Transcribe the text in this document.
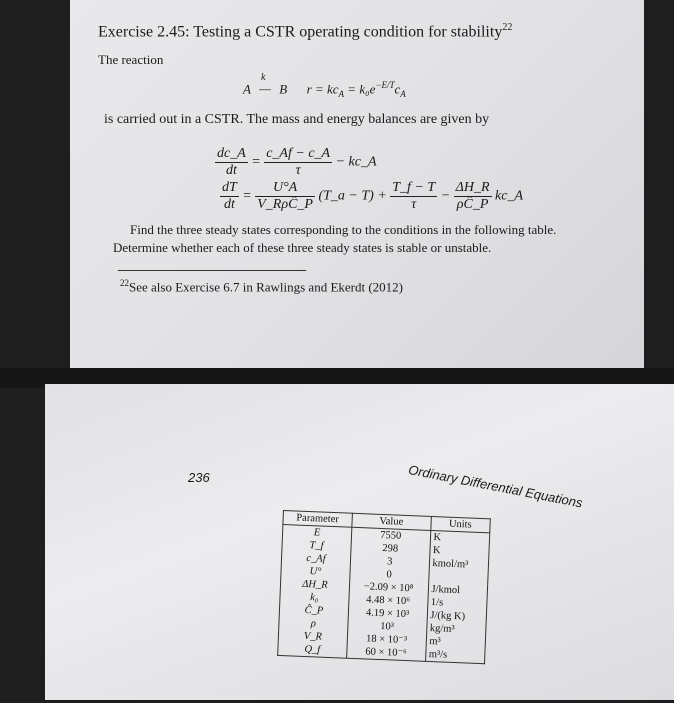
Exercise 2.45: Testing a CSTR operating condition for stability$^{22}$
The reaction
A
k
— B $r = kc_A = k_0e^{-E/T}c_A$
is carried out in a CSTR. The mass and energy balances are given by
$\frac{dc\_A}{dt} = \frac{c\_Af - c\_A}{\tau}$ − kc_A
$\frac{dT}{dt} = \frac{U^\circ A}{\text{V\_RρĈ\_P}}$ (T_a − $T) + \frac{T\_f - T}{\tau} - \frac{\Delta H\_R}{\rho Ĉ\_P}$ kc_A
Find the three steady states corresponding to the conditions in the following table.
Determine whether each of these three steady states is stable or unstable.
$^{22}$See also Exercise 6.7 in Rawlings and Ekerdt (2012)
236	Ordinary Differential Equations
Parameter	Value	Units
E	7550	K
T_f	298	K
c_Af	3	kmol/m³
U°	0	
ΔH_R	−2.09 × 10⁸	J/kmol
k₀	4.48 × 10⁶	1/s
Ĉ_P	4.19 × 10³	J/(kg K)
ρ	10³	kg/m³
V_R	18 × 10⁻³	m³
Q_f	60 × 10⁻⁶	m³/s
